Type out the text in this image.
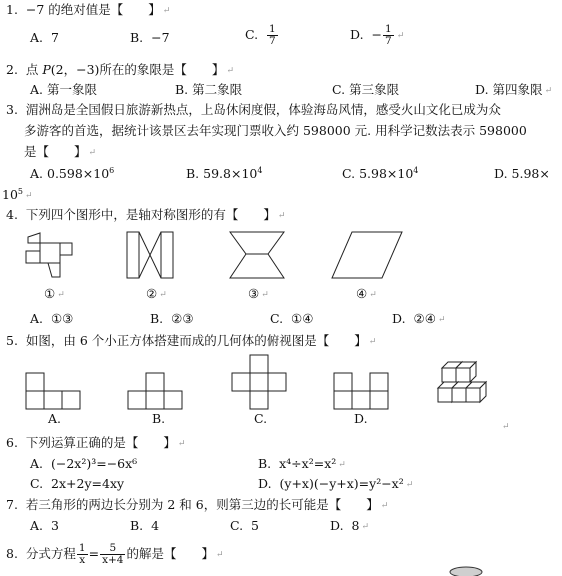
1. −7 的绝对值是【　　】 ↵
A. 7	B. −7	C. $\frac{1}{7}$	D. − $\frac{1}{7}$ ↵
2. 点 P(2，−3)所在的象限是【　　】 ↵
A. 第一象限	B. 第二象限	C. 第三象限	D. 第四象限 ↵
3. 湄洲岛是全国假日旅游新热点，上岛休闲度假，体验海岛风情，感受火山文化已成为众
多游客的首选，据统计该景区去年实现门票收入约 598000 元. 用科学记数法表示 598000
是【　　】 ↵
A. $0.598\times 10^6$	B. $59.8\times 10^4$	C. $5.98\times 10^4$	D. 5.98×
$10^5$ ↵
4. 下列四个图形中，是轴对称图形的有【　　】 ↵
① ↵	② ↵	③ ↵	④ ↵
A. ①③	B. ②③	C. ①④	D. ②④ ↵
5. 如图，由 6 个小正方体搭建而成的几何体的俯视图是【　　】 ↵
A.	B.	C.	D.
↵
6. 下列运算正确的是【　　】 ↵
A. (−2x²)³=−6x⁶	B. x⁴÷x²=x² ↵
C. 2x+2y=4xy	D. (y+x)(−y+x)=y²−x² ↵
7. 若三角形的两边长分别为 2 和 6，则第三边的长可能是【　　】 ↵
A. 3	B. 4	C. 5	D. 8 ↵
8. 分式方程 $\frac{1}{x} = \frac{5}{x+4}$ 的解是【　　】 ↵
